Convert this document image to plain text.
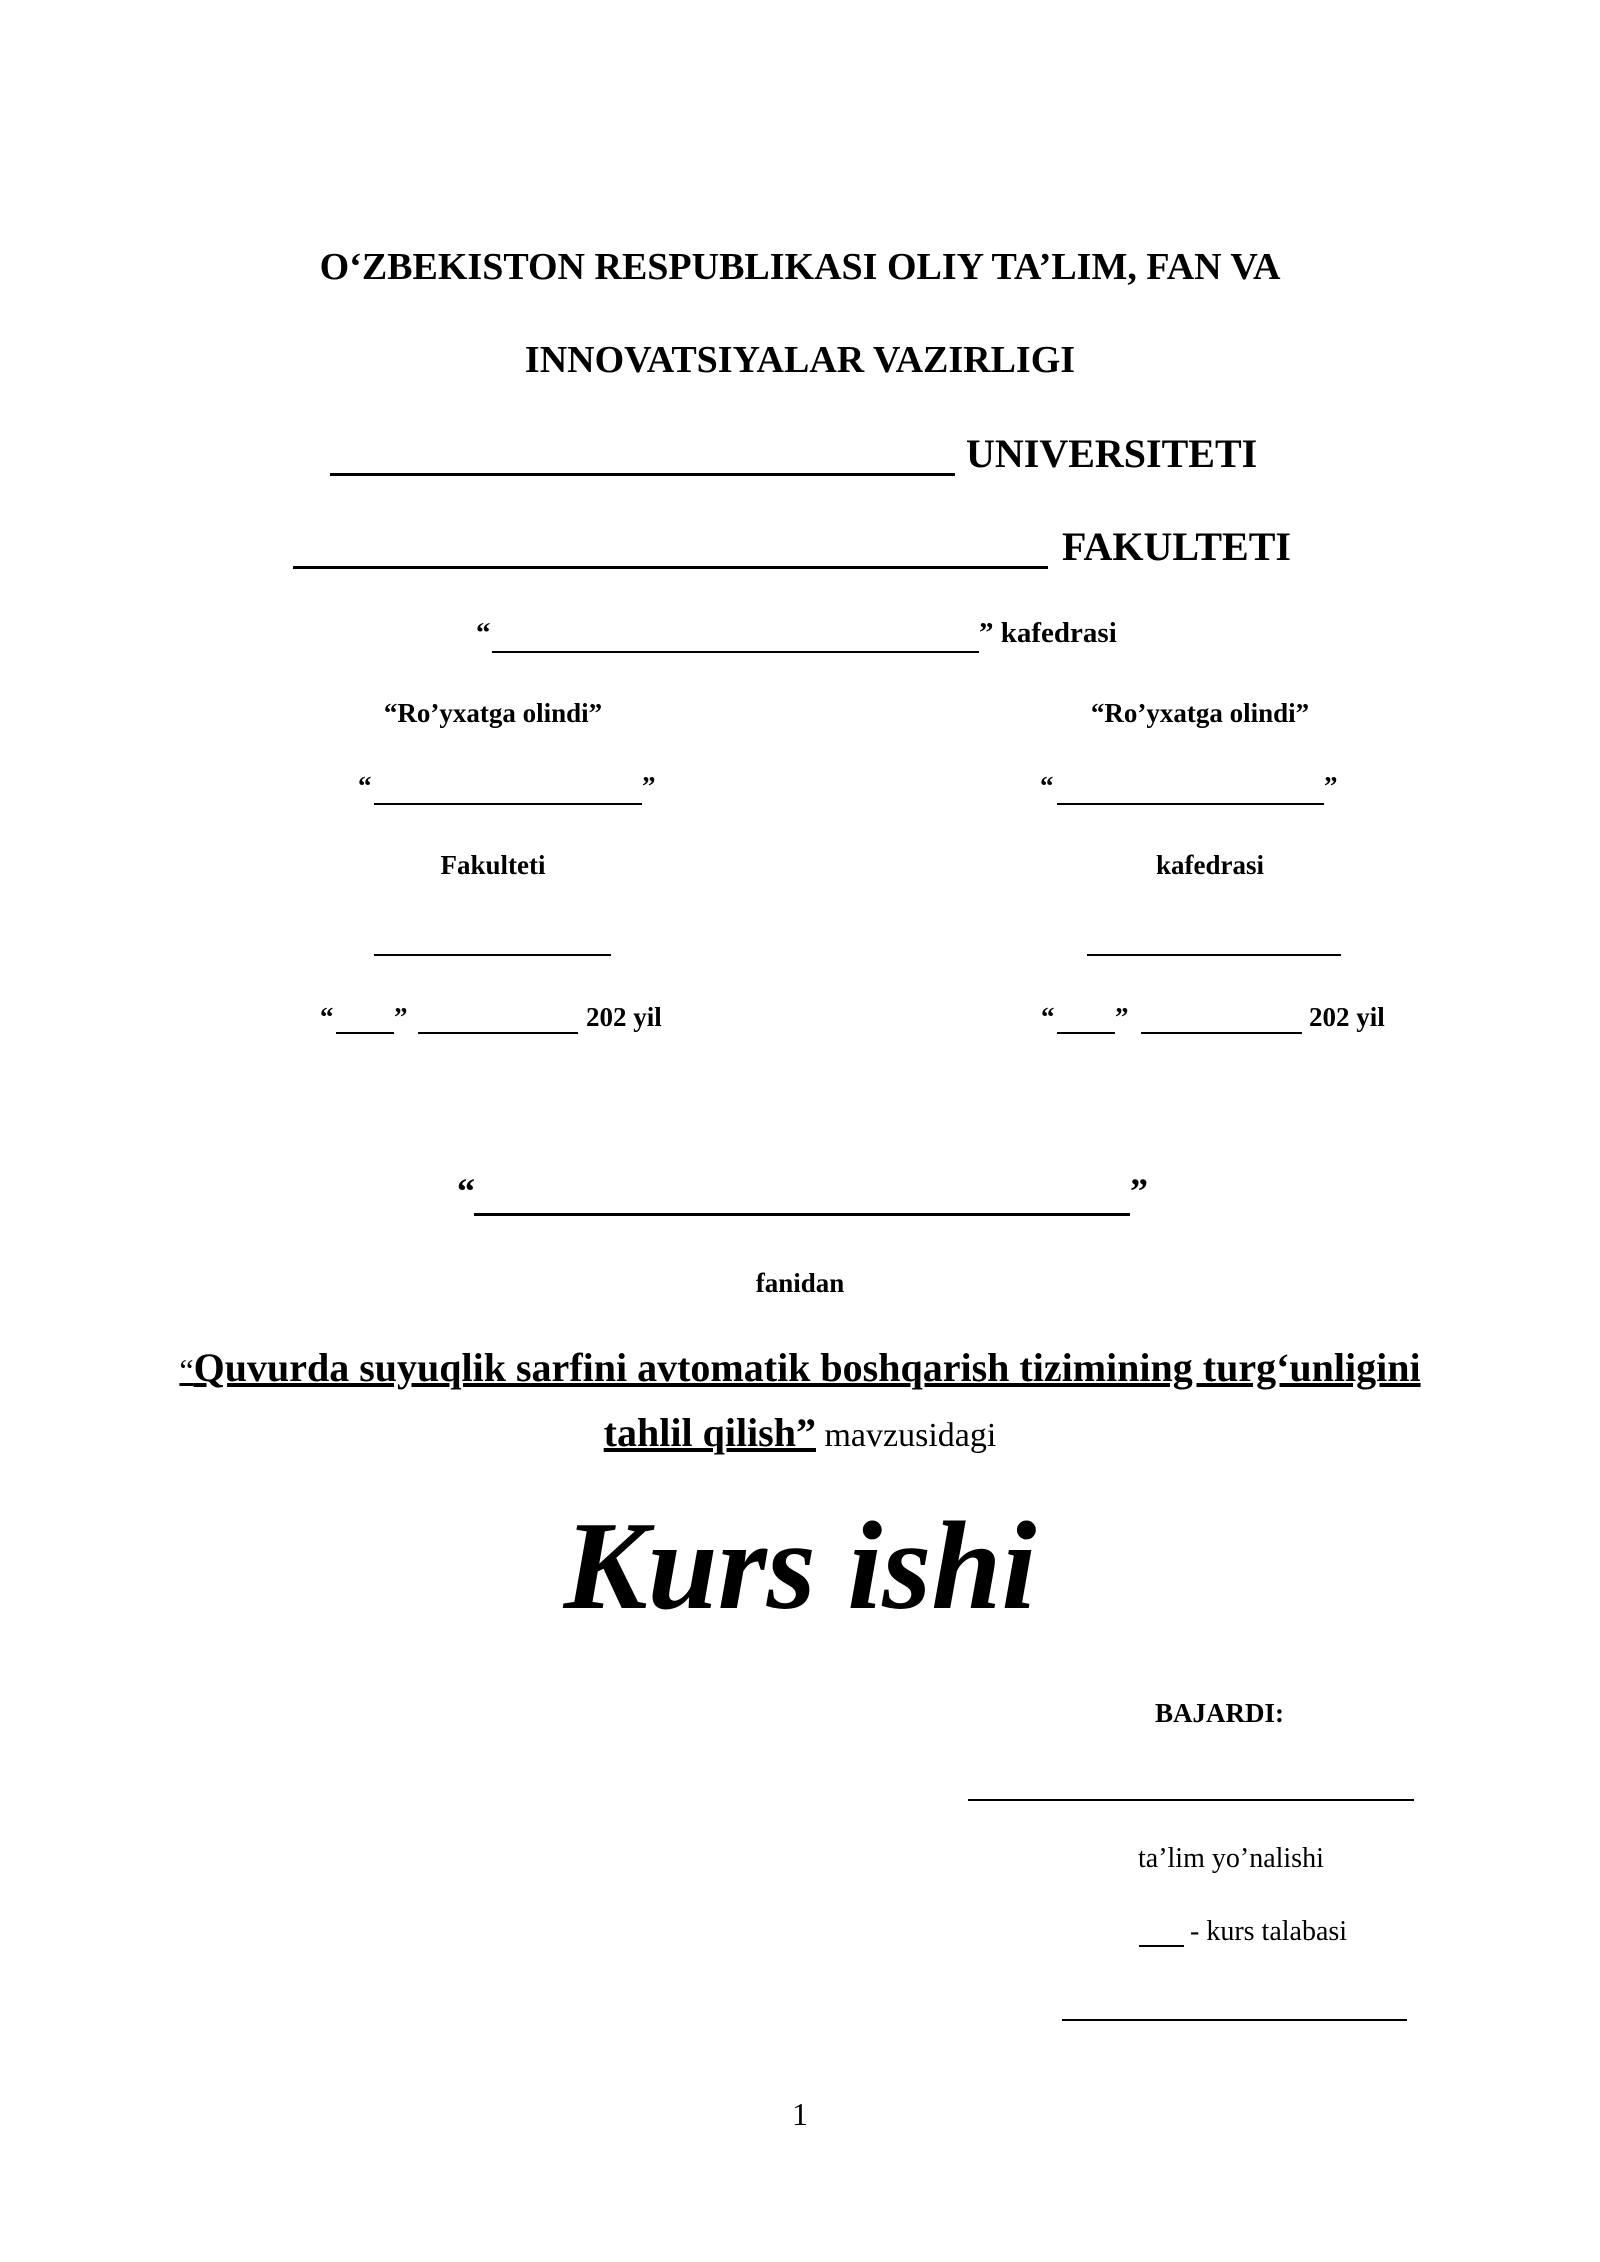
O‘ZBEKISTON RESPUBLIKASI OLIY TA’LIM, FAN VA
INNOVATSIYALAR VAZIRLIGI
UNIVERSITETI
FAKULTETI
“	” kafedrasi
“Ro’yxatga olindi”
“	”
Fakulteti
“ ”	202 yil
“Ro’yxatga olindi”
“	”
kafedrasi
“ ”	202 yil
“	”
fanidan
“Quvurda suyuqlik sarfini avtomatik boshqarish tizimining turg‘unligini tahlil qilish” mavzusidagi
Kurs ishi
BAJARDI:
ta’lim yo’nalishi
- kurs talabasi
1
